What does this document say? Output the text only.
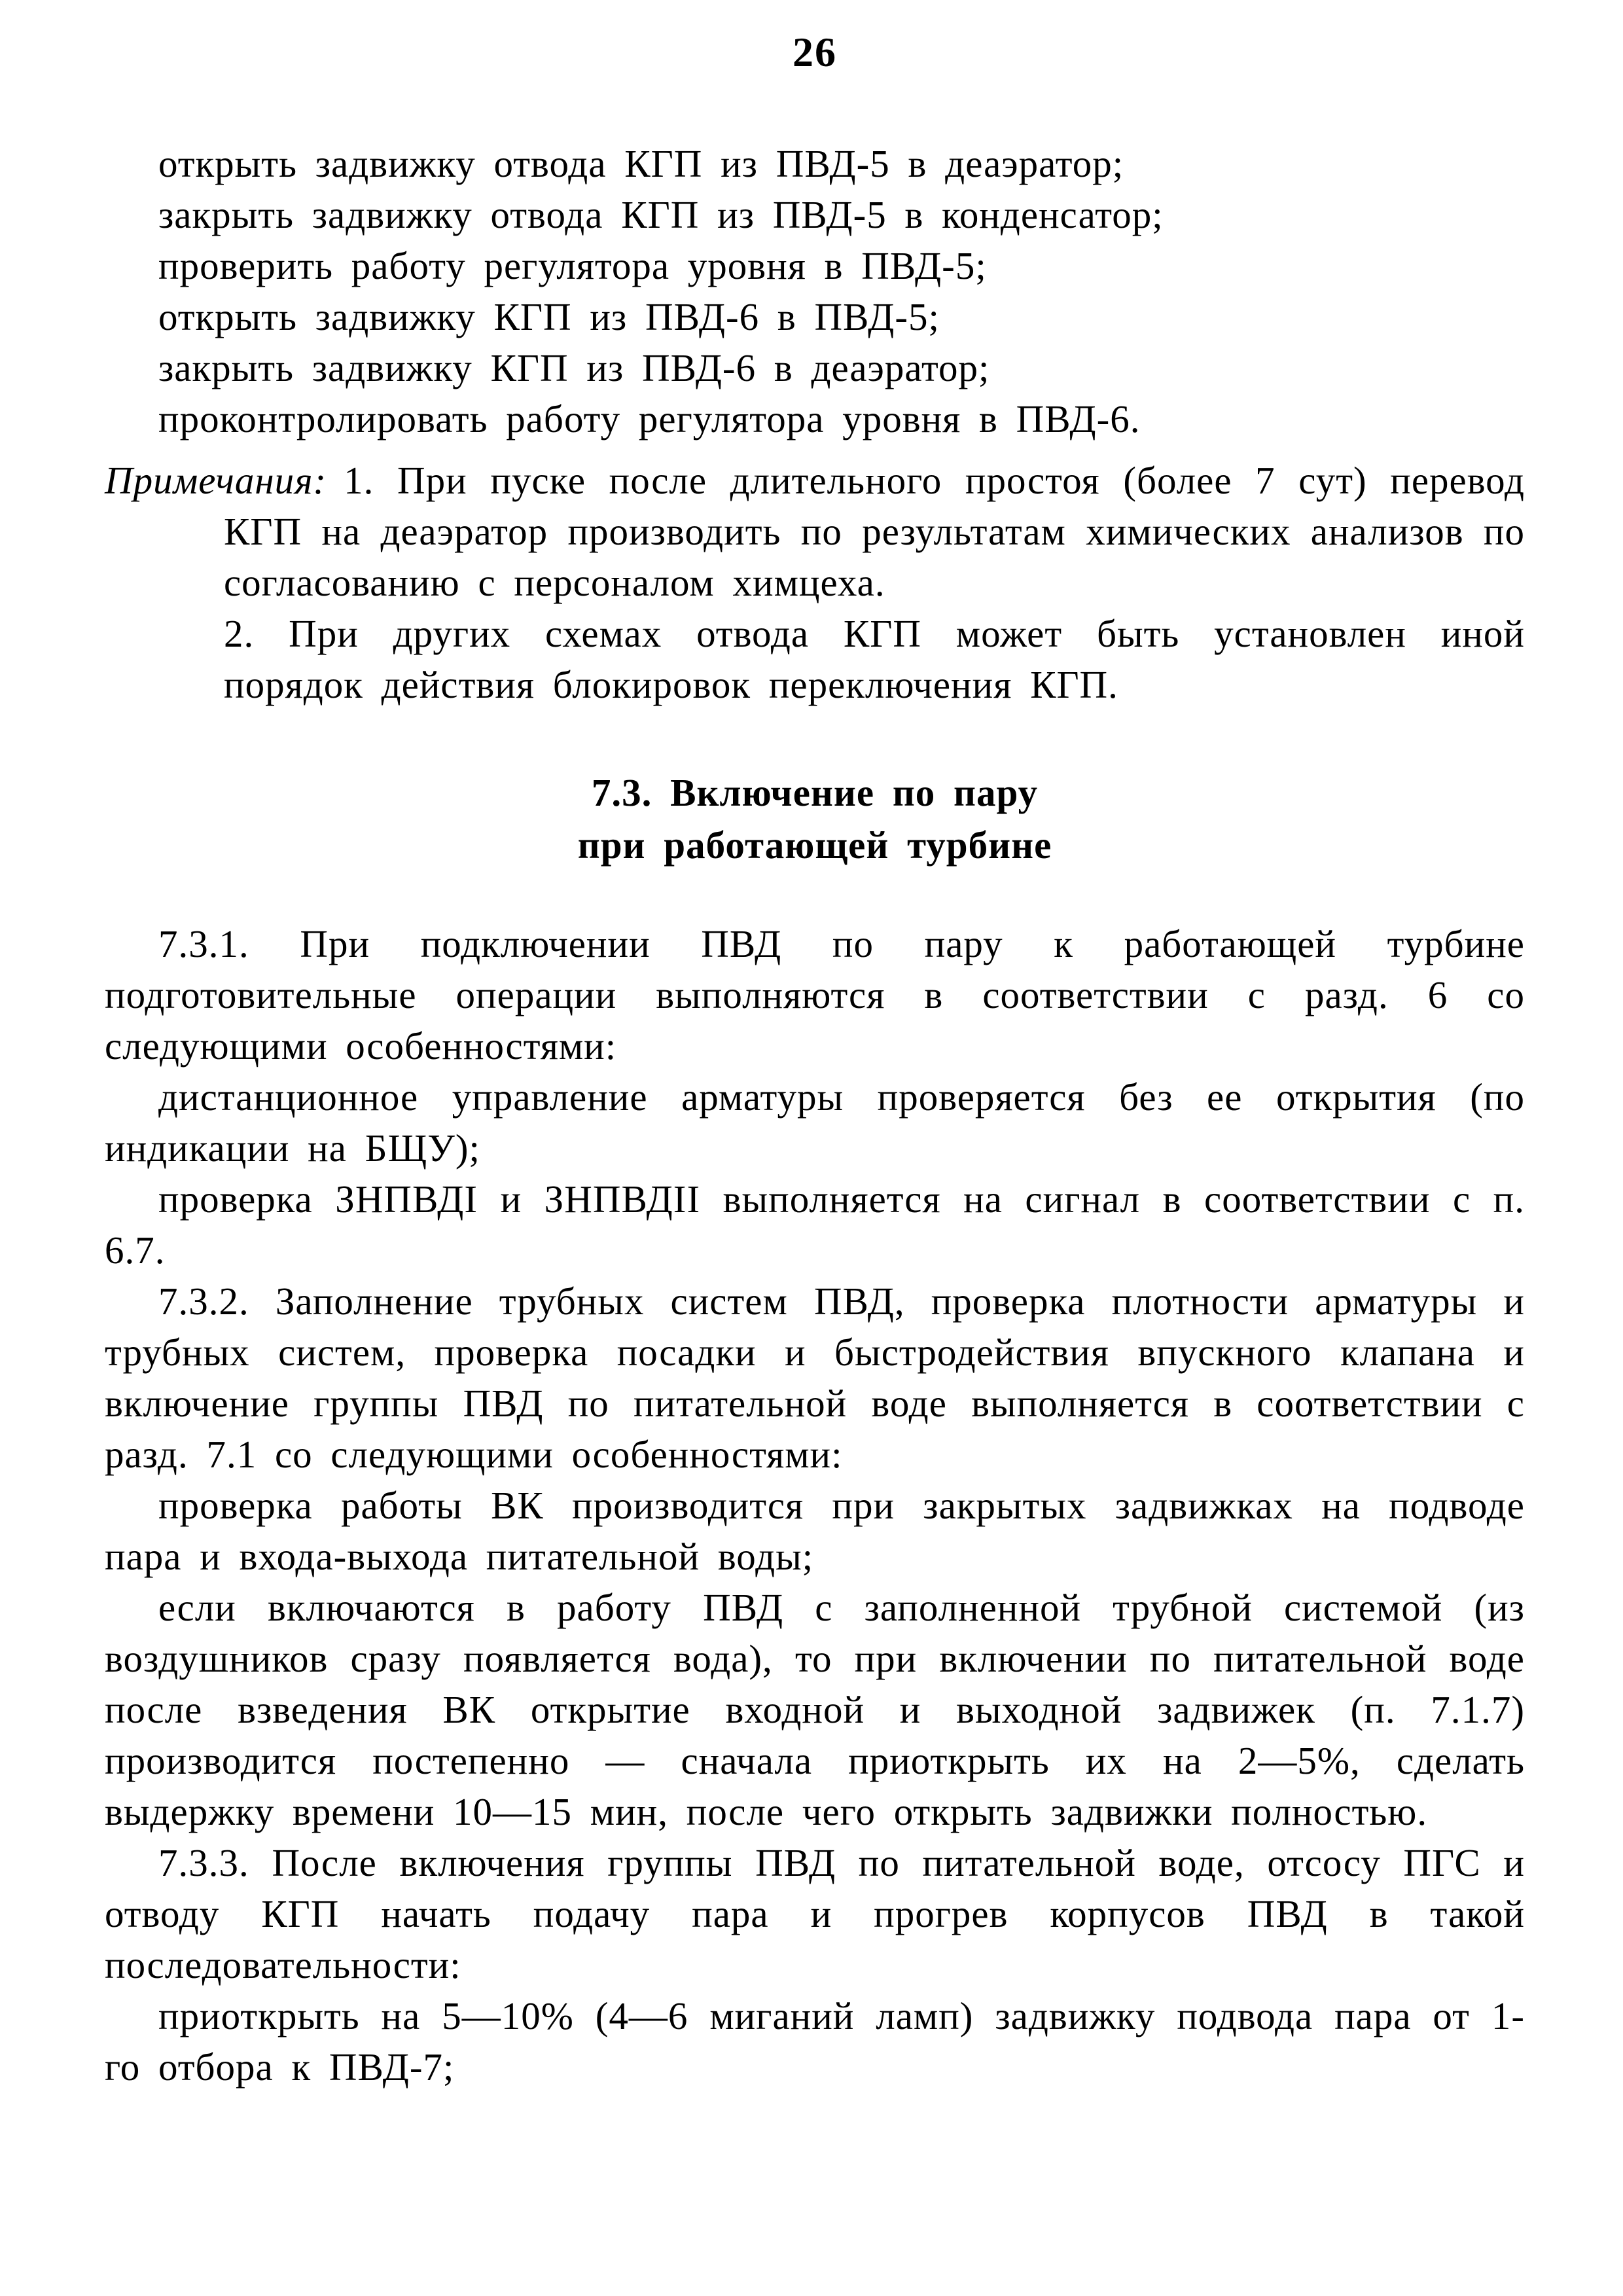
26

открыть задвижку отвода КГП из ПВД-5 в деаэратор;

закрыть задвижку отвода КГП из ПВД-5 в конденсатор;

проверить работу регулятора уровня в ПВД-5;

открыть задвижку КГП из ПВД-6 в ПВД-5;

закрыть задвижку КГП из ПВД-6 в деаэратор;

проконтролировать работу регулятора уровня в ПВД-6.

Примечания: 1. При пуске после длительного простоя (более 7 сут) перевод КГП на деаэратор производить по результатам химических анализов по согласованию с персоналом химцеха.

2. При других схемах отвода КГП может быть установлен иной порядок действия блокировок переключения КГП.

7.3. Включение по пару
при работающей турбине

7.3.1. При подключении ПВД по пару к работающей турбине подготовительные операции выполняются в соответствии с разд. 6 со следующими особенностями:

дистанционное управление арматуры проверяется без ее открытия (по индикации на БЩУ);

проверка ЗНПВДI и ЗНПВДII выполняется на сигнал в соответствии с п. 6.7.

7.3.2. Заполнение трубных систем ПВД, проверка плотности арматуры и трубных систем, проверка посадки и быстродействия впускного клапана и включение группы ПВД по питательной воде выполняется в соответствии с разд. 7.1 со следующими особенностями:

проверка работы ВК производится при закрытых задвижках на подводе пара и входа-выхода питательной воды;

если включаются в работу ПВД с заполненной трубной системой (из воздушников сразу появляется вода), то при включении по питательной воде после взведения ВК открытие входной и выходной задвижек (п. 7.1.7) производится постепенно — сначала приоткрыть их на 2—5%, сделать выдержку времени 10—15 мин, после чего открыть задвижки полностью.

7.3.3. После включения группы ПВД по питательной воде, отсосу ПГС и отводу КГП начать подачу пара и прогрев корпусов ПВД в такой последовательности:

приоткрыть на 5—10% (4—6 миганий ламп) задвижку подвода пара от 1-го отбора к ПВД-7;
